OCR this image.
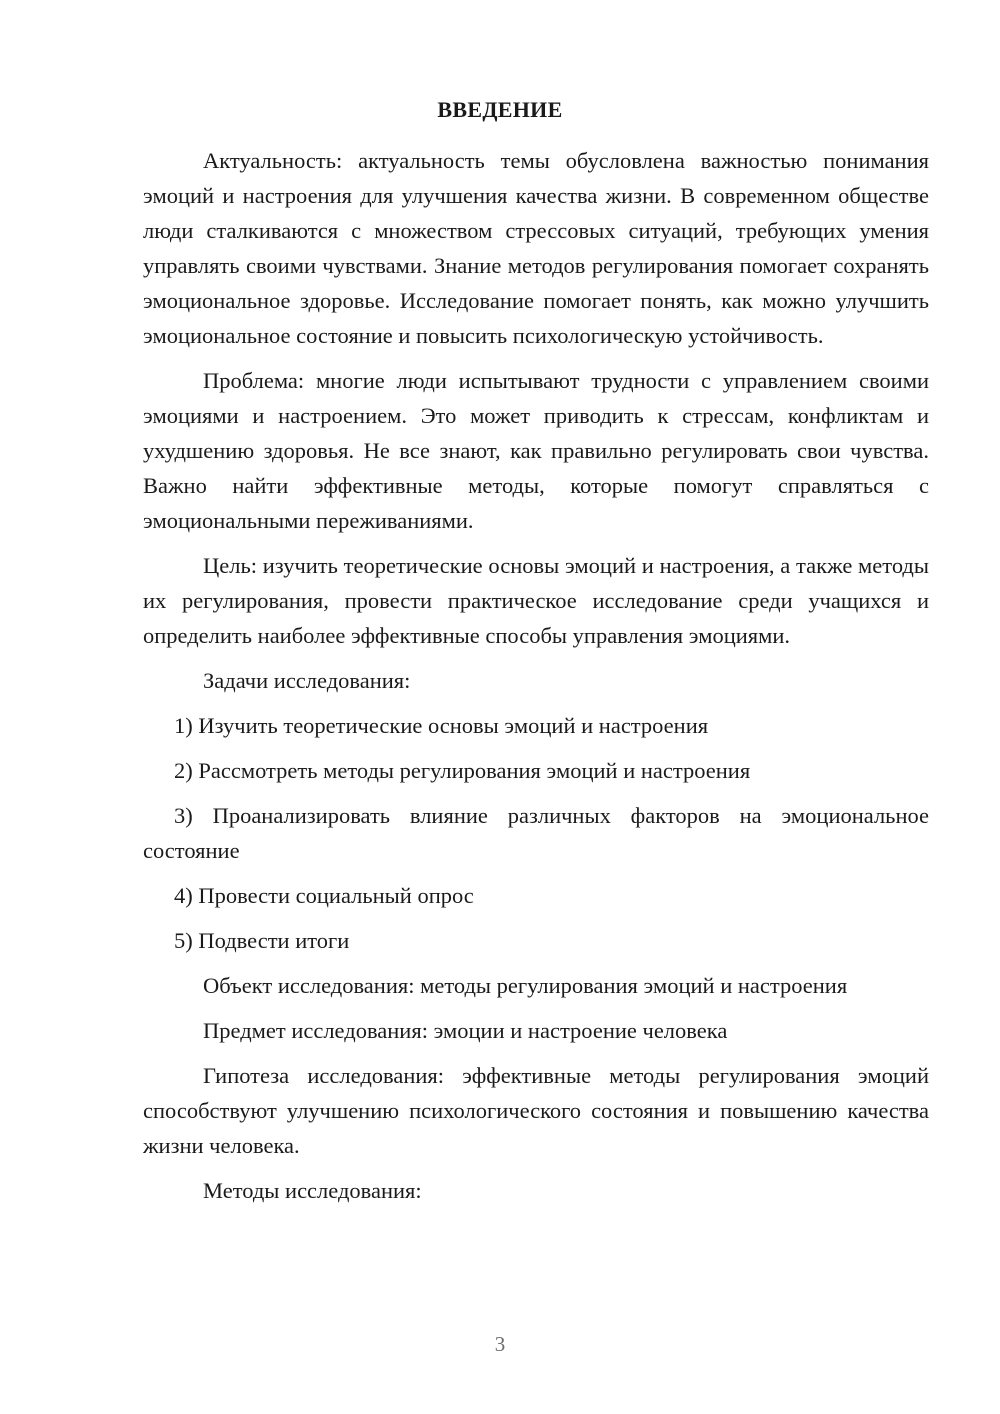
ВВЕДЕНИЕ

Актуальность: актуальность темы обусловлена важностью понимания эмоций и настроения для улучшения качества жизни. В современном обществе люди сталкиваются с множеством стрессовых ситуаций, требующих умения управлять своими чувствами. Знание методов регулирования помогает сохранять эмоциональное здоровье. Исследование помогает понять, как можно улучшить эмоциональное состояние и повысить психологическую устойчивость.

Проблема: многие люди испытывают трудности с управлением своими эмоциями и настроением. Это может приводить к стрессам, конфликтам и ухудшению здоровья. Не все знают, как правильно регулировать свои чувства. Важно найти эффективные методы, которые помогут справляться с эмоциональными переживаниями.

Цель: изучить теоретические основы эмоций и настроения, а также методы их регулирования, провести практическое исследование среди учащихся и определить наиболее эффективные способы управления эмоциями.

Задачи исследования:

1) Изучить теоретические основы эмоций и настроения

2) Рассмотреть методы регулирования эмоций и настроения

3) Проанализировать влияние различных факторов на эмоциональное состояние

4) Провести социальный опрос

5) Подвести итоги

Объект исследования: методы регулирования эмоций и настроения

Предмет исследования: эмоции и настроение человека

Гипотеза исследования: эффективные методы регулирования эмоций способствуют улучшению психологического состояния и повышению качества жизни человека.

Методы исследования:

3
